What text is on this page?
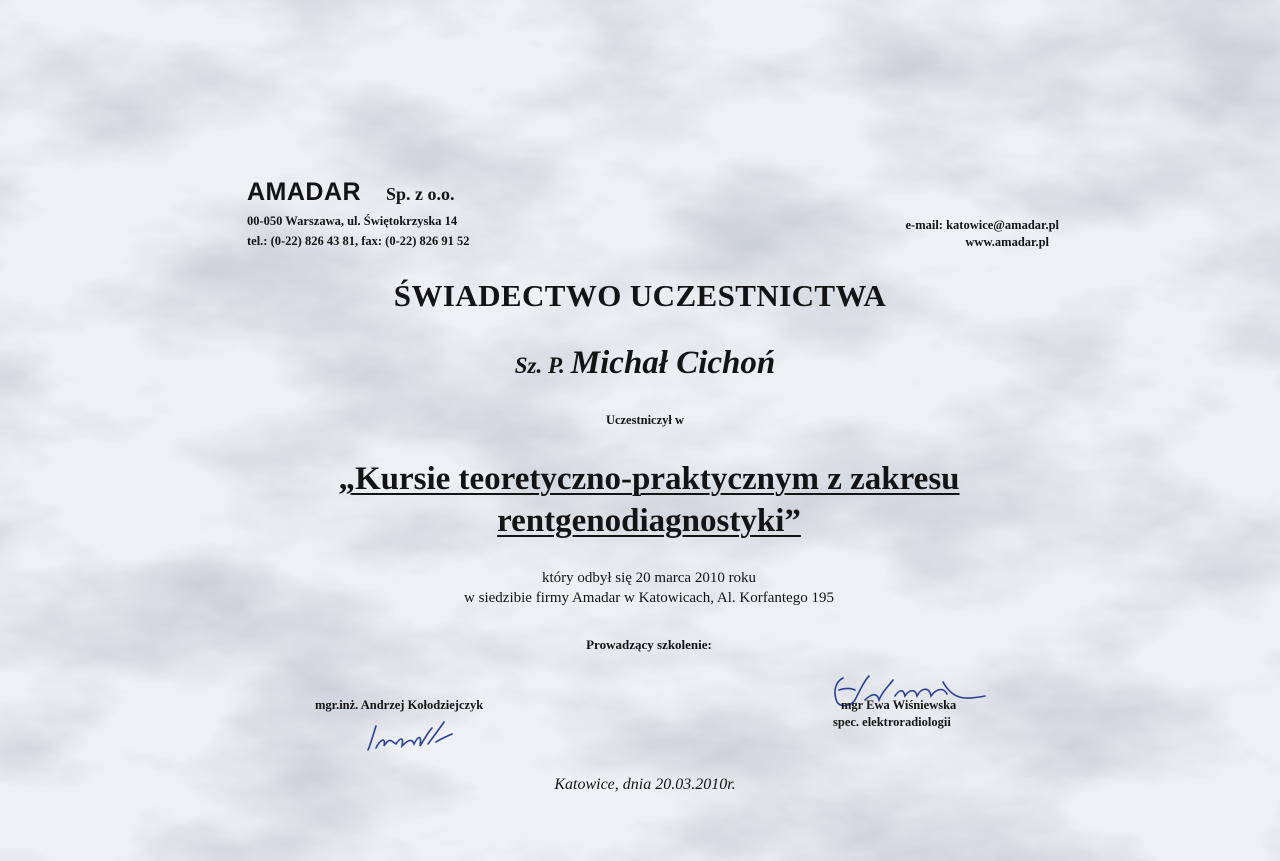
AMADAR Sp. z o.o.
00-050 Warszawa, ul. Świętokrzyska 14
tel.: (0-22) 826 43 81, fax: (0-22) 826 91 52
e-mail: katowice@amadar.pl
www.amadar.pl
ŚWIADECTWO UCZESTNICTWA
Sz. P. Michał Cichoń
Uczestniczył w
„Kursie teoretyczno-praktycznym z zakresu
rentgenodiagnostyki”
który odbył się 20 marca 2010 roku
w siedzibie firmy Amadar w Katowicach, Al. Korfantego 195
Prowadzący szkolenie:
mgr.inż. Andrzej Kołodziejczyk	mgr Ewa Wiśniewska
spec. elektroradiologii
Katowice, dnia 20.03.2010r.
